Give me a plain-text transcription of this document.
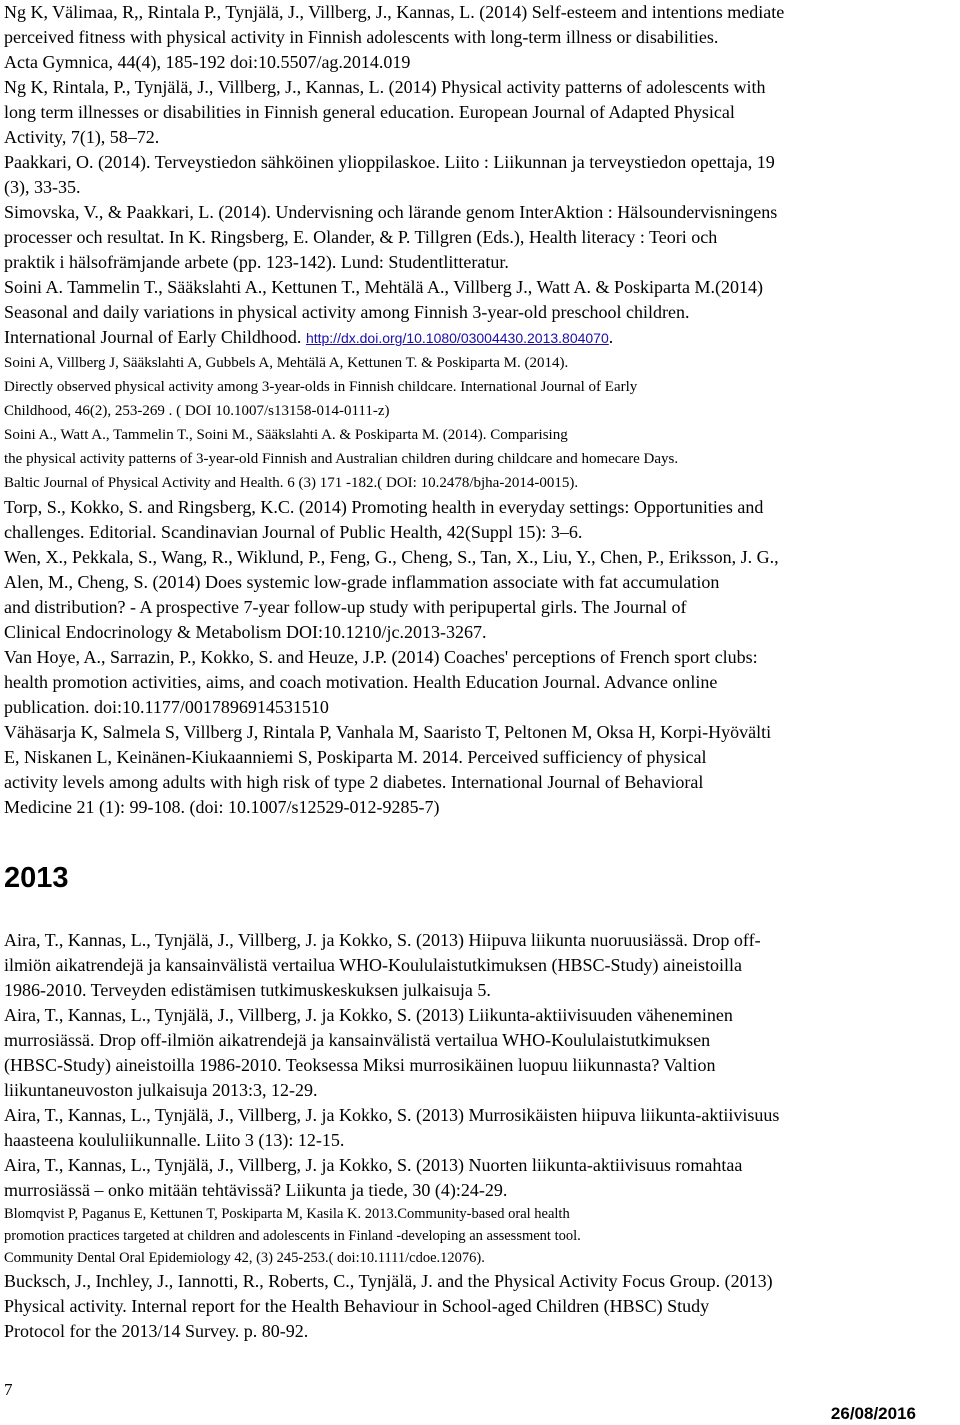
Ng K, Välimaa, R,, Rintala P., Tynjälä, J., Villberg, J., Kannas, L. (2014) Self-esteem and intentions mediate
perceived fitness with physical activity in Finnish adolescents with long-term illness or disabilities.
Acta Gymnica, 44(4), 185-192 doi:10.5507/ag.2014.019

Ng K, Rintala, P., Tynjälä, J., Villberg, J., Kannas, L. (2014) Physical activity patterns of adolescents with
long term illnesses or disabilities in Finnish general education. European Journal of Adapted Physical
Activity, 7(1), 58–72.

Paakkari, O. (2014). Terveystiedon sähköinen ylioppilaskoe. Liito : Liikunnan ja terveystiedon opettaja, 19
(3), 33-35.

Simovska, V., & Paakkari, L. (2014). Undervisning och lärande genom InterAktion : Hälsoundervisningens
processer och resultat. In K. Ringsberg, E. Olander, & P. Tillgren (Eds.), Health literacy : Teori och
praktik i hälsofrämjande arbete (pp. 123-142). Lund: Studentlitteratur.

Soini A. Tammelin T., Sääkslahti A., Kettunen T., Mehtälä A., Villberg J., Watt A. & Poskiparta M.(2014)
Seasonal and daily variations in physical activity among Finnish 3-year-old preschool children.
International Journal of Early Childhood. http://dx.doi.org/10.1080/03004430.2013.804070.

Soini A, Villberg J, Sääkslahti A, Gubbels A, Mehtälä A, Kettunen T. & Poskiparta M. (2014).
Directly observed physical activity among 3-year-olds in Finnish childcare. International Journal of Early
Childhood, 46(2), 253-269 . ( DOI 10.1007/s13158-014-0111-z)

Soini A., Watt A., Tammelin T., Soini M., Sääkslahti A. & Poskiparta M. (2014). Comparising
the physical activity patterns of 3-year-old Finnish and Australian children during childcare and homecare Days.
Baltic Journal of Physical Activity and Health. 6 (3) 171 -182.( DOI: 10.2478/bjha-2014-0015).

Torp, S., Kokko, S. and Ringsberg, K.C. (2014) Promoting health in everyday settings: Opportunities and
challenges. Editorial. Scandinavian Journal of Public Health, 42(Suppl 15): 3–6.

Wen, X., Pekkala, S., Wang, R., Wiklund, P., Feng, G., Cheng, S., Tan, X., Liu, Y., Chen, P., Eriksson, J. G.,
Alen, M., Cheng, S. (2014) Does systemic low-grade inflammation associate with fat accumulation
and distribution? - A prospective 7-year follow-up study with peripupertal girls. The Journal of
Clinical Endocrinology & Metabolism DOI:10.1210/jc.2013-3267.

Van Hoye, A., Sarrazin, P., Kokko, S. and Heuze, J.P. (2014) Coaches' perceptions of French sport clubs:
health promotion activities, aims, and coach motivation. Health Education Journal. Advance online
publication. doi:10.1177/0017896914531510

Vähäsarja K, Salmela S, Villberg J, Rintala P, Vanhala M, Saaristo T, Peltonen M, Oksa H, Korpi-Hyövälti
E, Niskanen L, Keinänen-Kiukaanniemi S, Poskiparta M. 2014. Perceived sufficiency of physical
activity levels among adults with high risk of type 2 diabetes. International Journal of Behavioral
Medicine 21 (1): 99-108. (doi: 10.1007/s12529-012-9285-7)

2013

Aira, T., Kannas, L., Tynjälä, J., Villberg, J. ja Kokko, S. (2013) Hiipuva liikunta nuoruusiässä. Drop off-
ilmiön aikatrendejä ja kansainvälistä vertailua WHO-Koululaistutkimuksen (HBSC-Study) aineistoilla
1986-2010. Terveyden edistämisen tutkimuskeskuksen julkaisuja 5.

Aira, T., Kannas, L., Tynjälä, J., Villberg, J. ja Kokko, S. (2013) Liikunta-aktiivisuuden väheneminen
murrosiässä. Drop off-ilmiön aikatrendejä ja kansainvälistä vertailua WHO-Koululaistutkimuksen
(HBSC-Study) aineistoilla 1986-2010. Teoksessa Miksi murrosikäinen luopuu liikunnasta? Valtion
liikuntaneuvoston julkaisuja 2013:3, 12-29.

Aira, T., Kannas, L., Tynjälä, J., Villberg, J. ja Kokko, S. (2013) Murrosikäisten hiipuva liikunta-aktiivisuus
haasteena koululiikunnalle. Liito 3 (13): 12-15.

Aira, T., Kannas, L., Tynjälä, J., Villberg, J. ja Kokko, S. (2013) Nuorten liikunta-aktiivisuus romahtaa
murrosiässä – onko mitään tehtävissä? Liikunta ja tiede, 30 (4):24-29.

Blomqvist P, Paganus E, Kettunen T, Poskiparta M, Kasila K. 2013.Community-based oral health
promotion practices targeted at children and adolescents in Finland -developing an assessment tool.
Community Dental Oral Epidemiology 42, (3) 245-253.( doi:10.1111/cdoe.12076).

Bucksch, J., Inchley, J., Iannotti, R., Roberts, C., Tynjälä, J. and the Physical Activity Focus Group. (2013)
Physical activity. Internal report for the Health Behaviour in School-aged Children (HBSC) Study
Protocol for the 2013/14 Survey. p. 80-92.

7
26/08/2016
